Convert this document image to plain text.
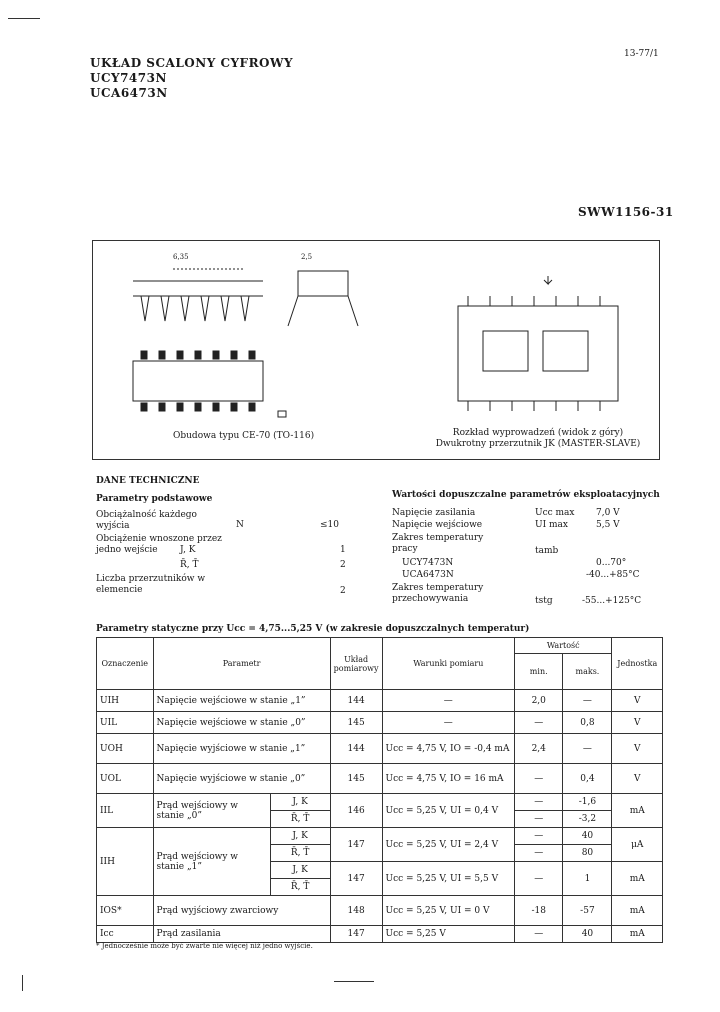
UKŁAD SCALONY CYFROWY
UCY7473N
UCA6473N
13-77/1
SWW1156-31
6,35	2,5
Obudowa typu CE-70 (TO-116)	Rozkład wyprowadzeń (widok z góry)
Dwukrotny przerzutnik JK (MASTER-SLAVE)
DANE TECHNICZNE
Parametry podstawowe
Obciążalność każdego wyjścia	N	≤10
Obciążenie wnoszone przez jedno wejście	J, K	1
R̄, T̄	2
Liczba przerzutników w elemencie	2
Wartości dopuszczalne parametrów eksploatacyjnych
Napięcie zasilania	Ucc max 7,0 V
Napięcie wejściowe	UI max	5,5 V
Zakres temperatury pracy	tamb
UCY7473N	0...70°
UCA6473N	-40...+85°C
Zakres temperatury przechowywania	tstg	-55...+125°C
Parametry statyczne przy Ucc = 4,75...5,25 V (w zakresie dopuszczalnych temperatur)
Oznaczenie	Parametr		Układ pomiarowy	Warunki pomiaru	Wartość		Jednostka
					min.	maks.	
UIH	Napięcie wejściowe w stanie „1”		144	—	2,0	—	V
UIL	Napięcie wejściowe w stanie „0”		145	—	—	0,8	V
UOH	Napięcie wyjściowe w stanie „1”		144	Ucc = 4,75 V, IO = -0,4 mA	2,4	—	V
UOL	Napięcie wyjściowe w stanie „0”		145	Ucc = 4,75 V, IO = 16 mA	—	0,4	V
IIL	Prąd wejściowy w stanie „0”	J, K	146	Ucc = 5,25 V, UI = 0,4 V	—	-1,6	mA
		R̄, T̄			—	-3,2	
IIH	Prąd wejściowy w stanie „1”	J, K	147	Ucc = 5,25 V, UI = 2,4 V	—	40	μA
		R̄, T̄			—	80	
		J, K	147	Ucc = 5,25 V, UI = 5,5 V	—	1	mA
		R̄, T̄					
IOS*	Prąd wyjściowy zwarciowy		148	Ucc = 5,25 V, UI = 0 V	-18	-57	mA
Icc	Prąd zasilania		147	Ucc = 5,25 V	—	40	mA
* Jednocześnie może być zwarte nie więcej niż jedno wyjście.
